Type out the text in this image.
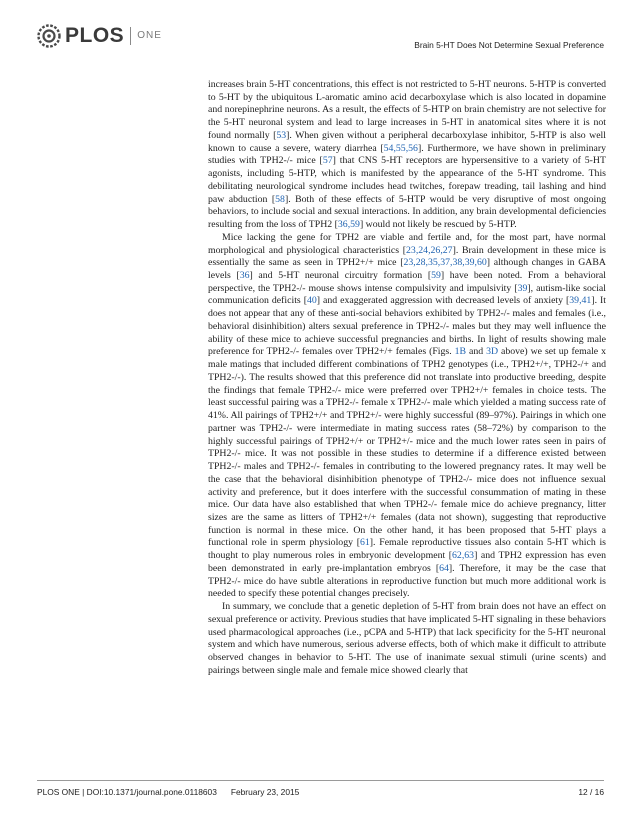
PLOS ONE
Brain 5-HT Does Not Determine Sexual Preference

increases brain 5-HT concentrations, this effect is not restricted to 5-HT neurons. 5-HTP is converted to 5-HT by the ubiquitous L-aromatic amino acid decarboxylase which is also located in dopamine and norepinephrine neurons. As a result, the effects of 5-HTP on brain chemistry are not selective for the 5-HT neuronal system and lead to large increases in 5-HT in anatomical sites where it is not found normally [53]. When given without a peripheral decarboxylase inhibitor, 5-HTP is also well known to cause a severe, watery diarrhea [54,55,56]. Furthermore, we have shown in preliminary studies with TPH2-/- mice [57] that CNS 5-HT receptors are hypersensitive to a variety of 5-HT agonists, including 5-HTP, which is manifested by the appearance of the 5-HT syndrome. This debilitating neurological syndrome includes head twitches, forepaw treading, tail lashing and hind paw abduction [58]. Both of these effects of 5-HTP would be very disruptive of most ongoing behaviors, to include social and sexual interactions. In addition, any brain developmental deficiencies resulting from the loss of TPH2 [36,59] would not likely be rescued by 5-HTP.

Mice lacking the gene for TPH2 are viable and fertile and, for the most part, have normal morphological and physiological characteristics [23,24,26,27]. Brain development in these mice is essentially the same as seen in TPH2+/+ mice [23,28,35,37,38,39,60] although changes in GABA levels [36] and 5-HT neuronal circuitry formation [59] have been noted. From a behavioral perspective, the TPH2-/- mouse shows intense compulsivity and impulsivity [39], autism-like social communication deficits [40] and exaggerated aggression with decreased levels of anxiety [39,41]. It does not appear that any of these anti-social behaviors exhibited by TPH2-/- males and females (i.e., behavioral disinhibition) alters sexual preference in TPH2-/- males but they may well influence the ability of these mice to achieve successful pregnancies and births. In light of results showing male preference for TPH2-/- females over TPH2+/+ females (Figs. 1B and 3D above) we set up female x male matings that included different combinations of TPH2 genotypes (i.e., TPH2+/+, TPH2-/+ and TPH2-/-). The results showed that this preference did not translate into productive breeding, despite the findings that female TPH2-/- mice were preferred over TPH2+/+ females in choice tests. The least successful pairing was a TPH2-/- female x TPH2-/- male which yielded a mating success rate of 41%. All pairings of TPH2+/+ and TPH2+/- were highly successful (89–97%). Pairings in which one partner was TPH2-/- were intermediate in mating success rates (58–72%) by comparison to the highly successful pairings of TPH2+/+ or TPH2+/- mice and the much lower rates seen in pairs of TPH2-/- mice. It was not possible in these studies to determine if a difference existed between TPH2-/- males and TPH2-/- females in contributing to the lowered pregnancy rates. It may well be the case that the behavioral disinhibition phenotype of TPH2-/- mice does not influence sexual activity and preference, but it does interfere with the successful consummation of mating in these mice. Our data have also established that when TPH2-/- female mice do achieve pregnancy, litter sizes are the same as litters of TPH2+/+ females (data not shown), suggesting that reproductive function is normal in these mice. On the other hand, it has been proposed that 5-HT plays a functional role in sperm physiology [61]. Female reproductive tissues also contain 5-HT which is thought to play numerous roles in embryonic development [62,63] and TPH2 expression has even been demonstrated in early pre-implantation embryos [64]. Therefore, it may be the case that TPH2-/- mice do have subtle alterations in reproductive function but much more additional work is needed to specify these potential changes precisely.

In summary, we conclude that a genetic depletion of 5-HT from brain does not have an effect on sexual preference or activity. Previous studies that have implicated 5-HT signaling in these behaviors used pharmacological approaches (i.e., pCPA and 5-HTP) that lack specificity for the 5-HT neuronal system and which have numerous, serious adverse effects, both of which make it difficult to attribute observed changes in behavior to 5-HT. The use of inanimate sexual stimuli (urine scents) and pairings between single male and female mice showed clearly that

PLOS ONE | DOI:10.1371/journal.pone.0118603 February 23, 2015	12 / 16
